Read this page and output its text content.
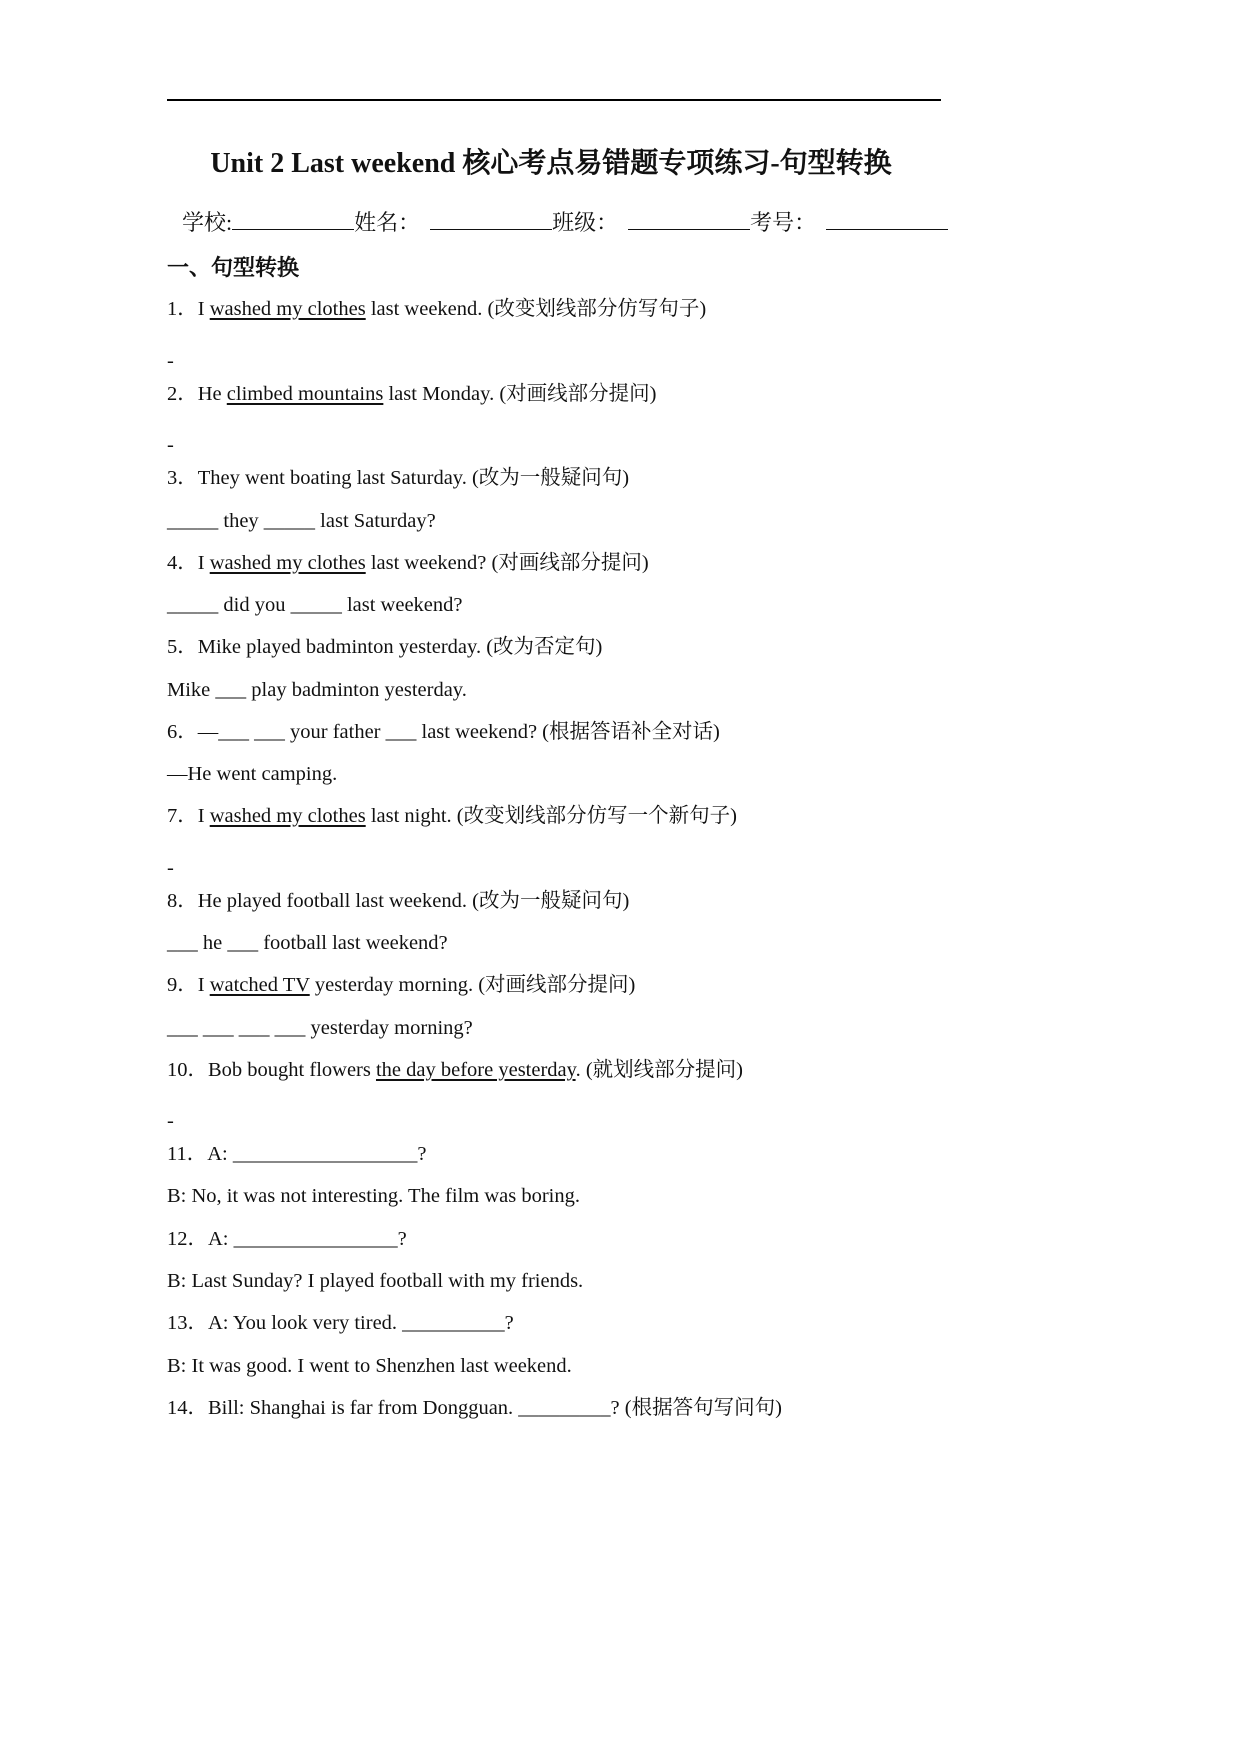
Unit 2 Last weekend 核心考点易错题专项练习-句型转换
学校:	姓名：	班级：	考号：
一、句型转换
1．I washed my clothes last weekend. (改变划线部分仿写句子)
-
2．He climbed mountains last Monday. (对画线部分提问)
-
3．They went boating last Saturday. (改为一般疑问句)
_____ they _____ last Saturday?
4．I washed my clothes last weekend? (对画线部分提问)
_____ did you _____ last weekend?
5．Mike played badminton yesterday. (改为否定句)
Mike ___ play badminton yesterday.
6．—___ ___ your father ___ last weekend? (根据答语补全对话)
—He went camping.
7．I washed my clothes last night. (改变划线部分仿写一个新句子)
-
8．He played football last weekend. (改为一般疑问句)
___ he ___ football last weekend?
9．I watched TV yesterday morning. (对画线部分提问)
___ ___ ___ ___ yesterday morning?
10．Bob bought flowers the day before yesterday. (就划线部分提问)
-
11．A: __________________?
B: No, it was not interesting. The film was boring.
12．A: ________________?
B: Last Sunday? I played football with my friends.
13．A: You look very tired. __________?
B: It was good. I went to Shenzhen last weekend.
14．Bill: Shanghai is far from Dongguan. _________? (根据答句写问句)
